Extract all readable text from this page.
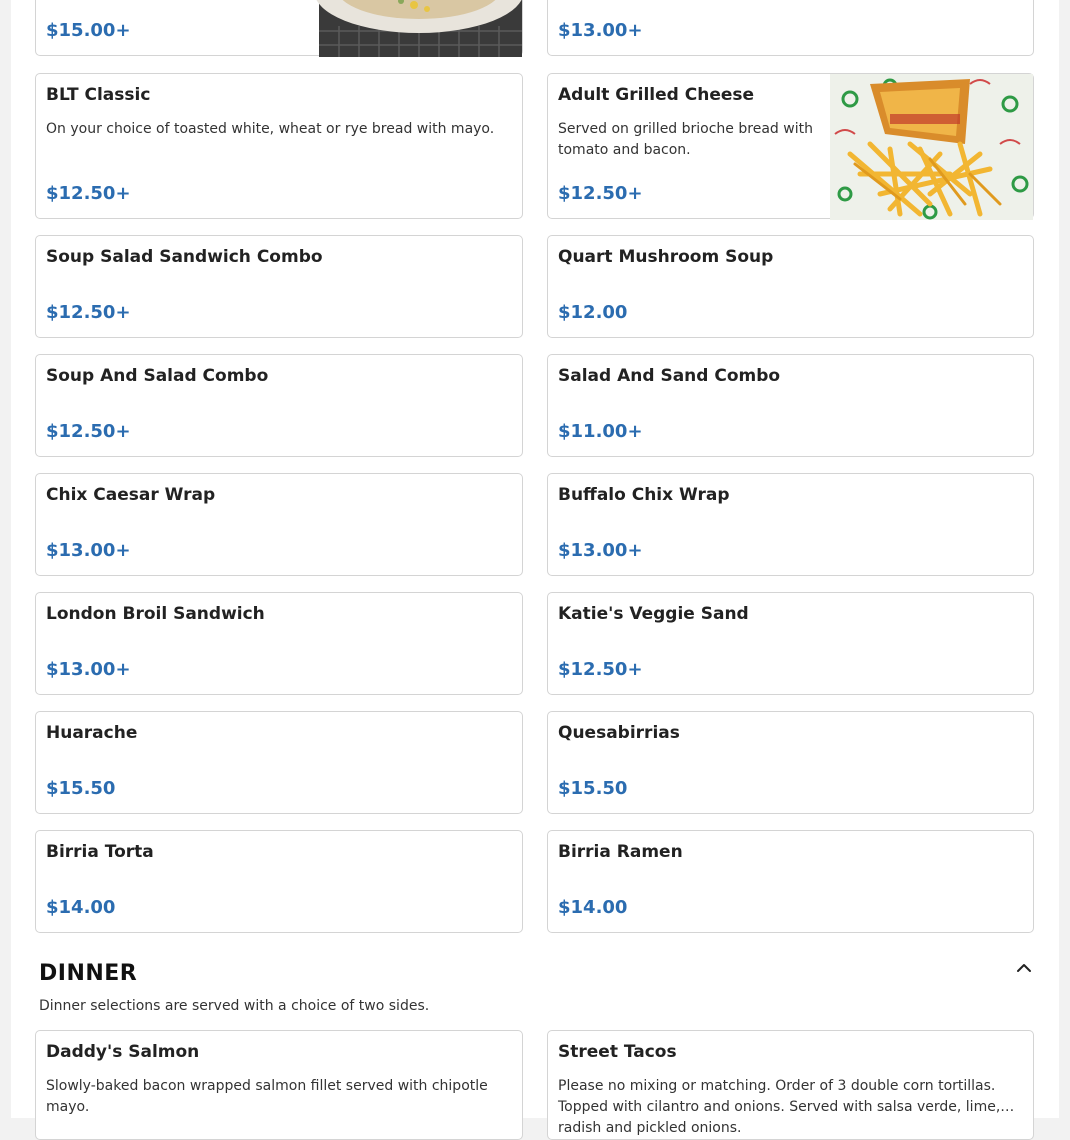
$15.00+	$13.00+
BLT Classic
On your choice of toasted white, wheat or rye bread with mayo.
$12.50+
Adult Grilled Cheese
Served on grilled brioche bread with tomato and bacon.
$12.50+
Soup Salad Sandwich Combo
$12.50+
Quart Mushroom Soup
$12.00
Soup And Salad Combo
$12.50+
Salad And Sand Combo
$11.00+
Chix Caesar Wrap
$13.00+
Buffalo Chix Wrap
$13.00+
London Broil Sandwich
$13.00+
Katie's Veggie Sand
$12.50+
Huarache
$15.50
Quesabirrias
$15.50
Birria Torta
$14.00
Birria Ramen
$14.00
DINNER

Dinner selections are served with a choice of two sides.

Daddy's Salmon
Slowly-baked bacon wrapped salmon fillet served with chipotle mayo.
Street Tacos
Please no mixing or matching. Order of 3 double corn tortillas. Topped with cilantro and onions. Served with salsa verde, lime, radish and pickled onions.
